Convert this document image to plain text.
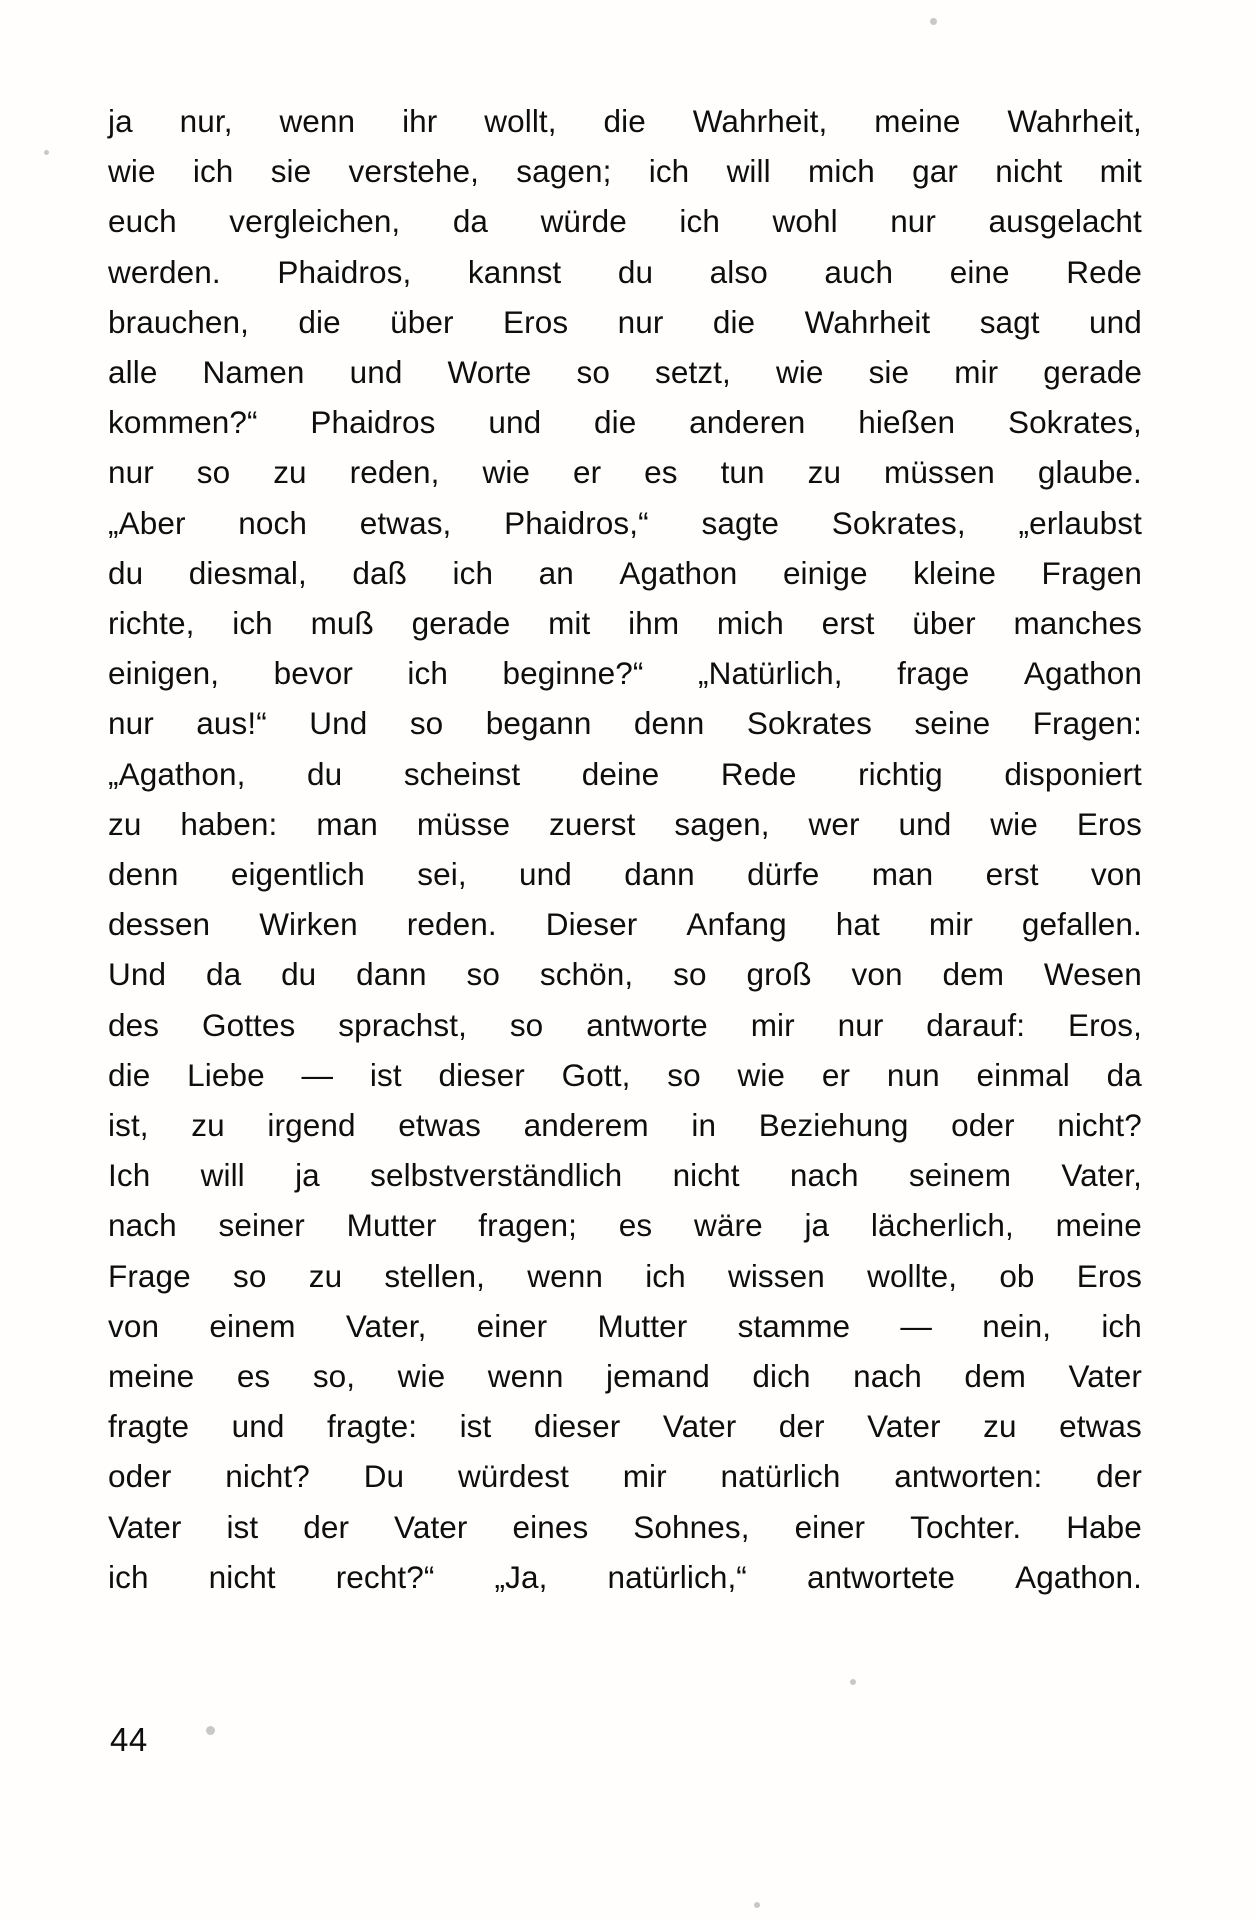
ja nur, wenn ihr wollt, die Wahrheit, meine Wahrheit,
wie ich sie verstehe, sagen; ich will mich gar nicht mit
euch vergleichen, da würde ich wohl nur ausgelacht
werden. Phaidros, kannst du also auch eine Rede
brauchen, die über Eros nur die Wahrheit sagt und
alle Namen und Worte so setzt, wie sie mir gerade
kommen?“ Phaidros und die anderen hießen Sokrates,
nur so zu reden, wie er es tun zu müssen glaube.
„Aber noch etwas, Phaidros,“ sagte Sokrates, „erlaubst
du diesmal, daß ich an Agathon einige kleine Fragen
richte, ich muß gerade mit ihm mich erst über manches
einigen, bevor ich beginne?“ „Natürlich, frage Agathon
nur aus!“ Und so begann denn Sokrates seine Fragen:
„Agathon, du scheinst deine Rede richtig disponiert
zu haben: man müsse zuerst sagen, wer und wie Eros
denn eigentlich sei, und dann dürfe man erst von
dessen Wirken reden. Dieser Anfang hat mir gefallen.
Und da du dann so schön, so groß von dem Wesen
des Gottes sprachst, so antworte mir nur darauf: Eros,
die Liebe — ist dieser Gott, so wie er nun einmal da
ist, zu irgend etwas anderem in Beziehung oder nicht?
Ich will ja selbstverständlich nicht nach seinem Vater,
nach seiner Mutter fragen; es wäre ja lächerlich, meine
Frage so zu stellen, wenn ich wissen wollte, ob Eros
von einem Vater, einer Mutter stamme — nein, ich
meine es so, wie wenn jemand dich nach dem Vater
fragte und fragte: ist dieser Vater der Vater zu etwas
oder nicht? Du würdest mir natürlich antworten: der
Vater ist der Vater eines Sohnes, einer Tochter. Habe
ich nicht recht?“ „Ja, natürlich,“ antwortete Agathon.
44
